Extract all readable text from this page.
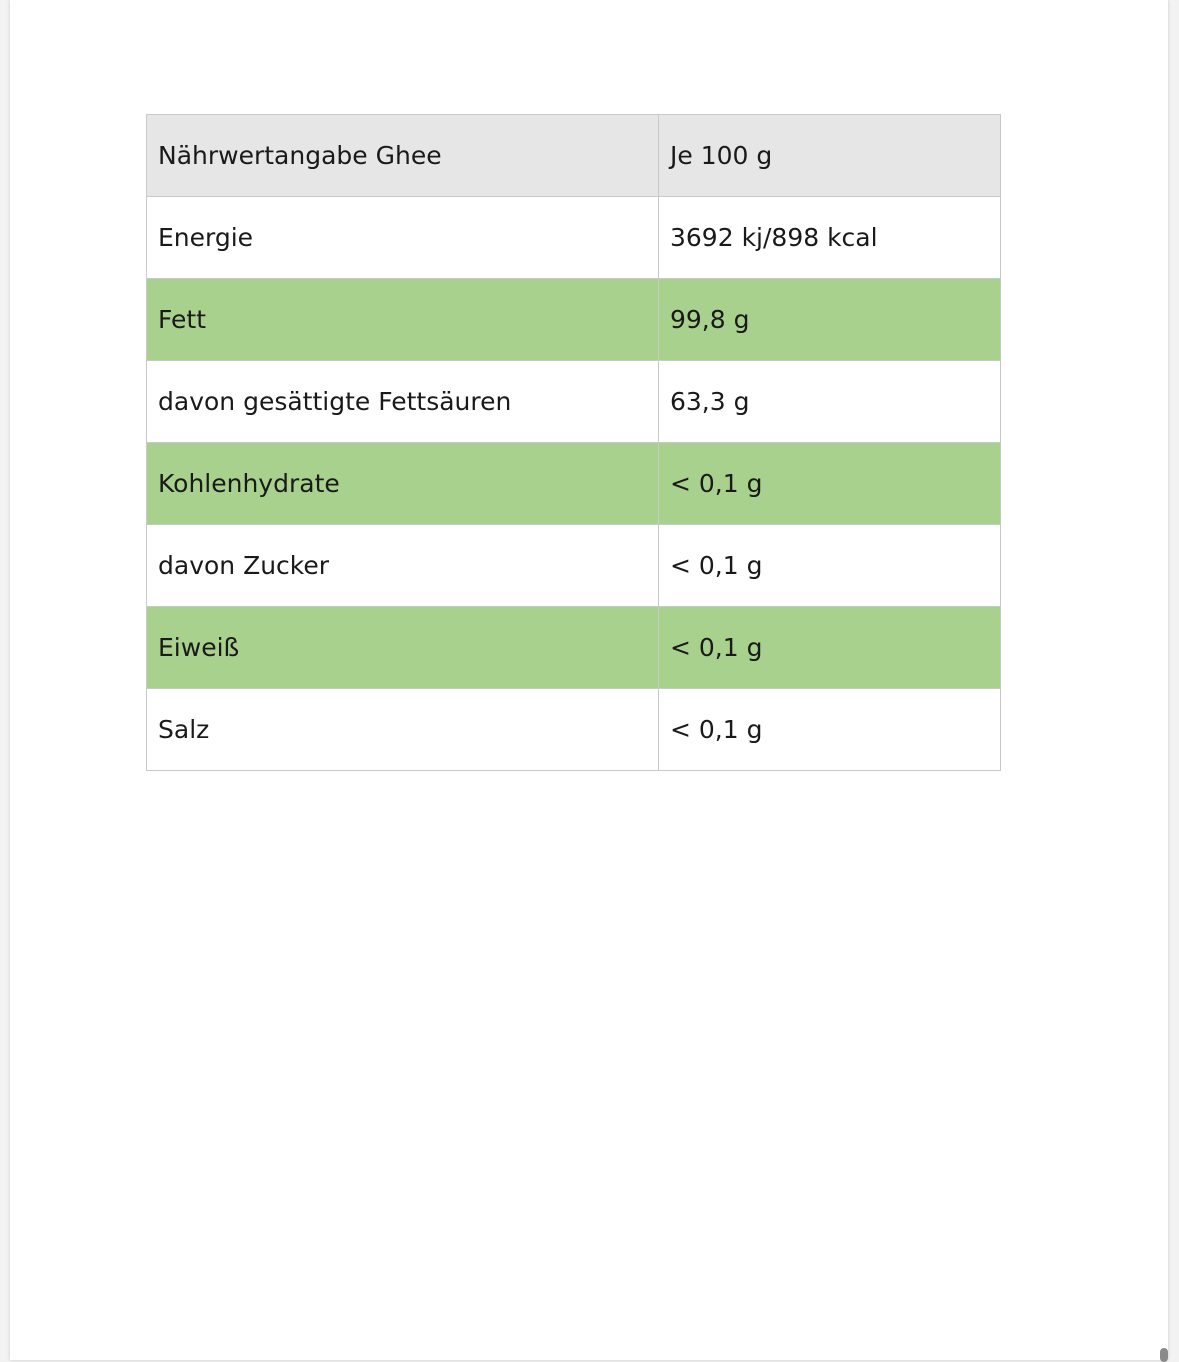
Nährwertangabe Ghee	Je 100 g
Energie	3692 kj/898 kcal
Fett	99,8 g
davon gesättigte Fettsäuren	63,3 g
Kohlenhydrate	< 0,1 g
davon Zucker	< 0,1 g
Eiweiß	< 0,1 g
Salz	< 0,1 g
